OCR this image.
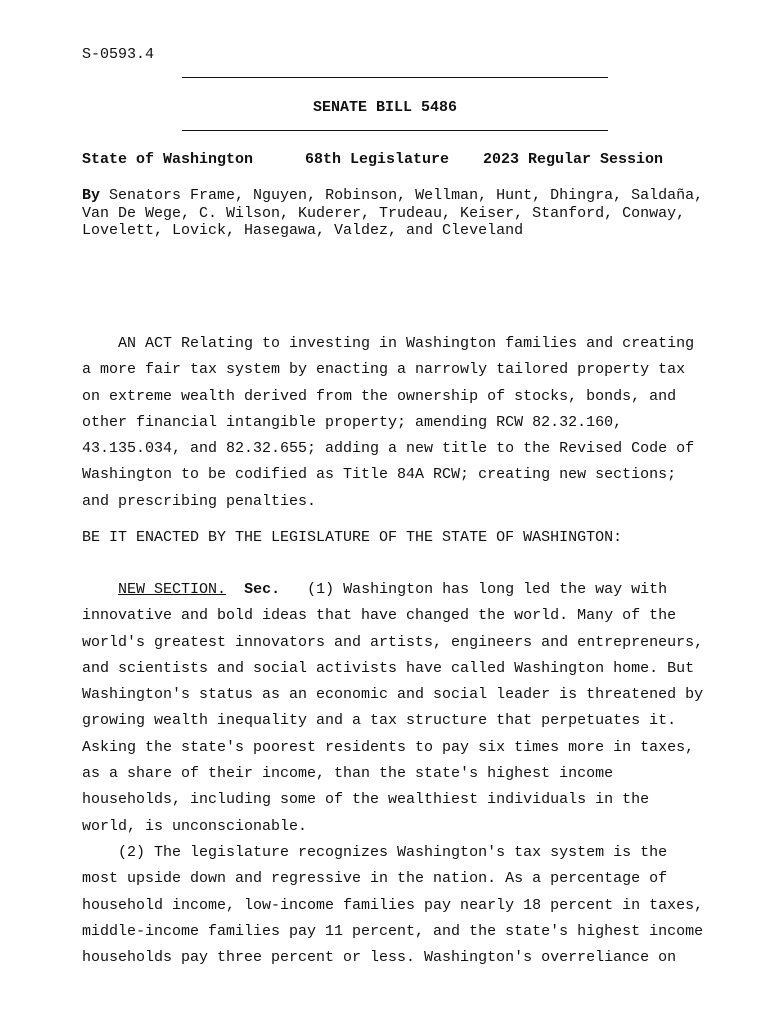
S-0593.4
SENATE BILL 5486
State of Washington	68th Legislature 2023 Regular Session
By Senators Frame, Nguyen, Robinson, Wellman, Hunt, Dhingra, Saldaña,
Van De Wege, C. Wilson, Kuderer, Trudeau, Keiser, Stanford, Conway,
Lovelett, Lovick, Hasegawa, Valdez, and Cleveland
AN ACT Relating to investing in Washington families and creating
a more fair tax system by enacting a narrowly tailored property tax
on extreme wealth derived from the ownership of stocks, bonds, and
other financial intangible property; amending RCW 82.32.160,
43.135.034, and 82.32.655; adding a new title to the Revised Code of
Washington to be codified as Title 84A RCW; creating new sections;
and prescribing penalties.
BE IT ENACTED BY THE LEGISLATURE OF THE STATE OF WASHINGTON:
NEW SECTION. Sec. (1) Washington has long led the way with
innovative and bold ideas that have changed the world. Many of the
world's greatest innovators and artists, engineers and entrepreneurs,
and scientists and social activists have called Washington home. But
Washington's status as an economic and social leader is threatened by
growing wealth inequality and a tax structure that perpetuates it.
Asking the state's poorest residents to pay six times more in taxes,
as a share of their income, than the state's highest income
households, including some of the wealthiest individuals in the
world, is unconscionable.
(2) The legislature recognizes Washington's tax system is the
most upside down and regressive in the nation. As a percentage of
household income, low-income families pay nearly 18 percent in taxes,
middle-income families pay 11 percent, and the state's highest income
households pay three percent or less. Washington's overreliance on
